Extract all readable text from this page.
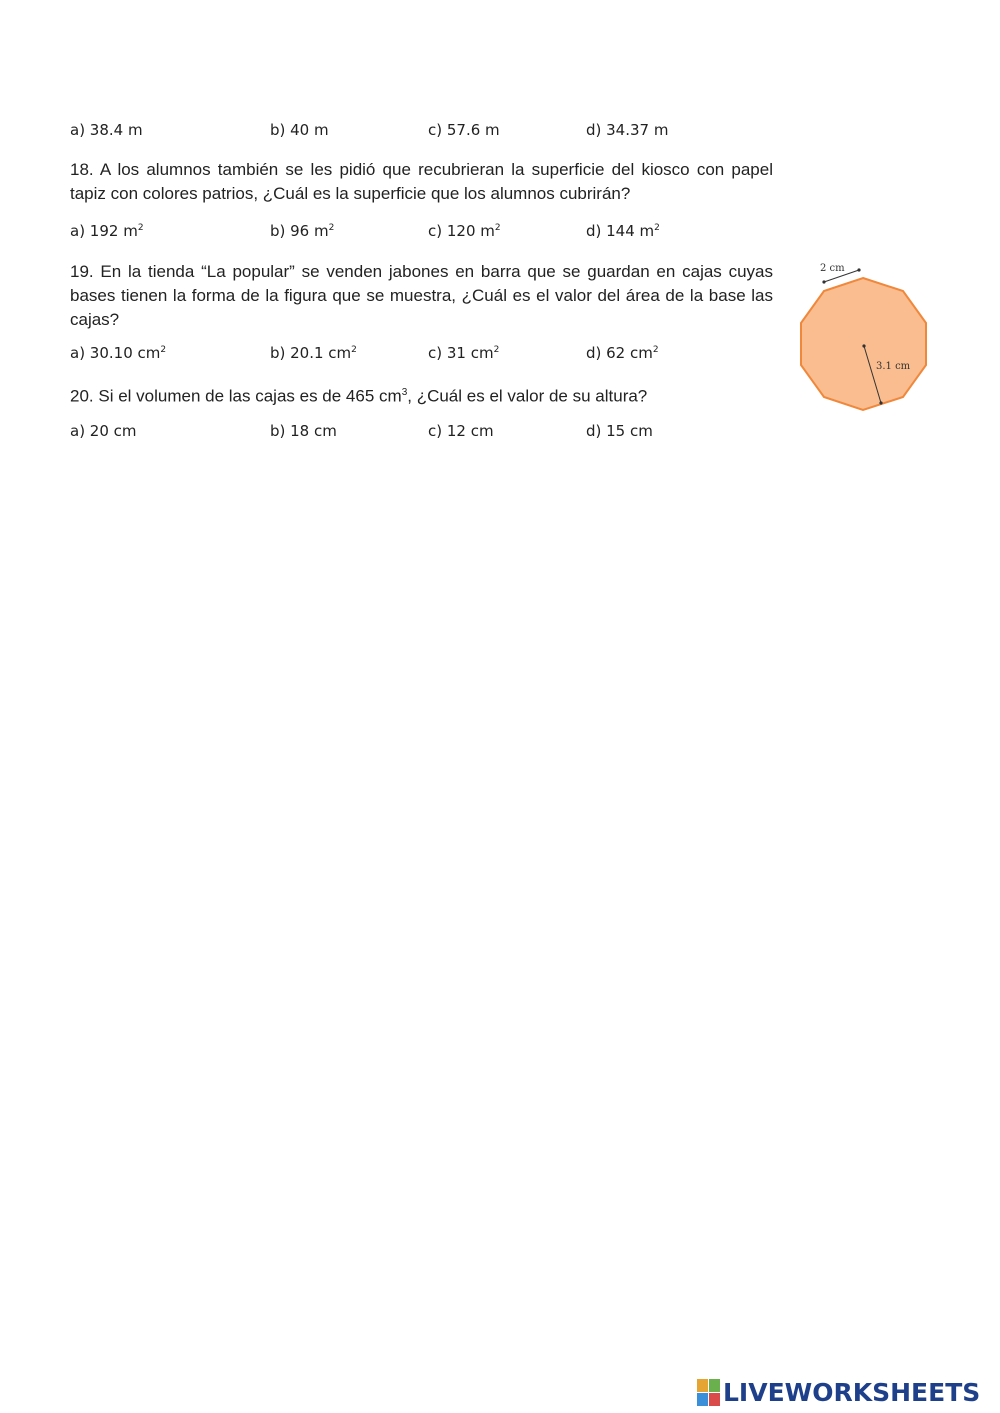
a) 38.4 m	b) 40 m	c) 57.6 m	d) 34.37 m
18. A los alumnos también se les pidió que recubrieran la superficie del kiosco con papel tapiz con colores patrios, ¿Cuál es la superficie que los alumnos cubrirán?
a) 192 $m^2$	b) 96 $m^2$	c) 120 $m^2$	d) 144 $m^2$
19. En la tienda “La popular” se venden jabones en barra que se guardan en cajas cuyas bases tienen la forma de la figura que se muestra, ¿Cuál es el valor del área de la base las cajas?
a) 30.10 $cm^2$	b) 20.1 $cm^2$	c) 31 $cm^2$	d) 62 $cm^2$
20. Si el volumen de las cajas es de 465 $cm^3$, ¿Cuál es el valor de su altura?
a) 20 cm	b) 18 cm	c) 12 cm	d) 15 cm
2 cm
3.1 cm
LIVEWORKSHEETS
